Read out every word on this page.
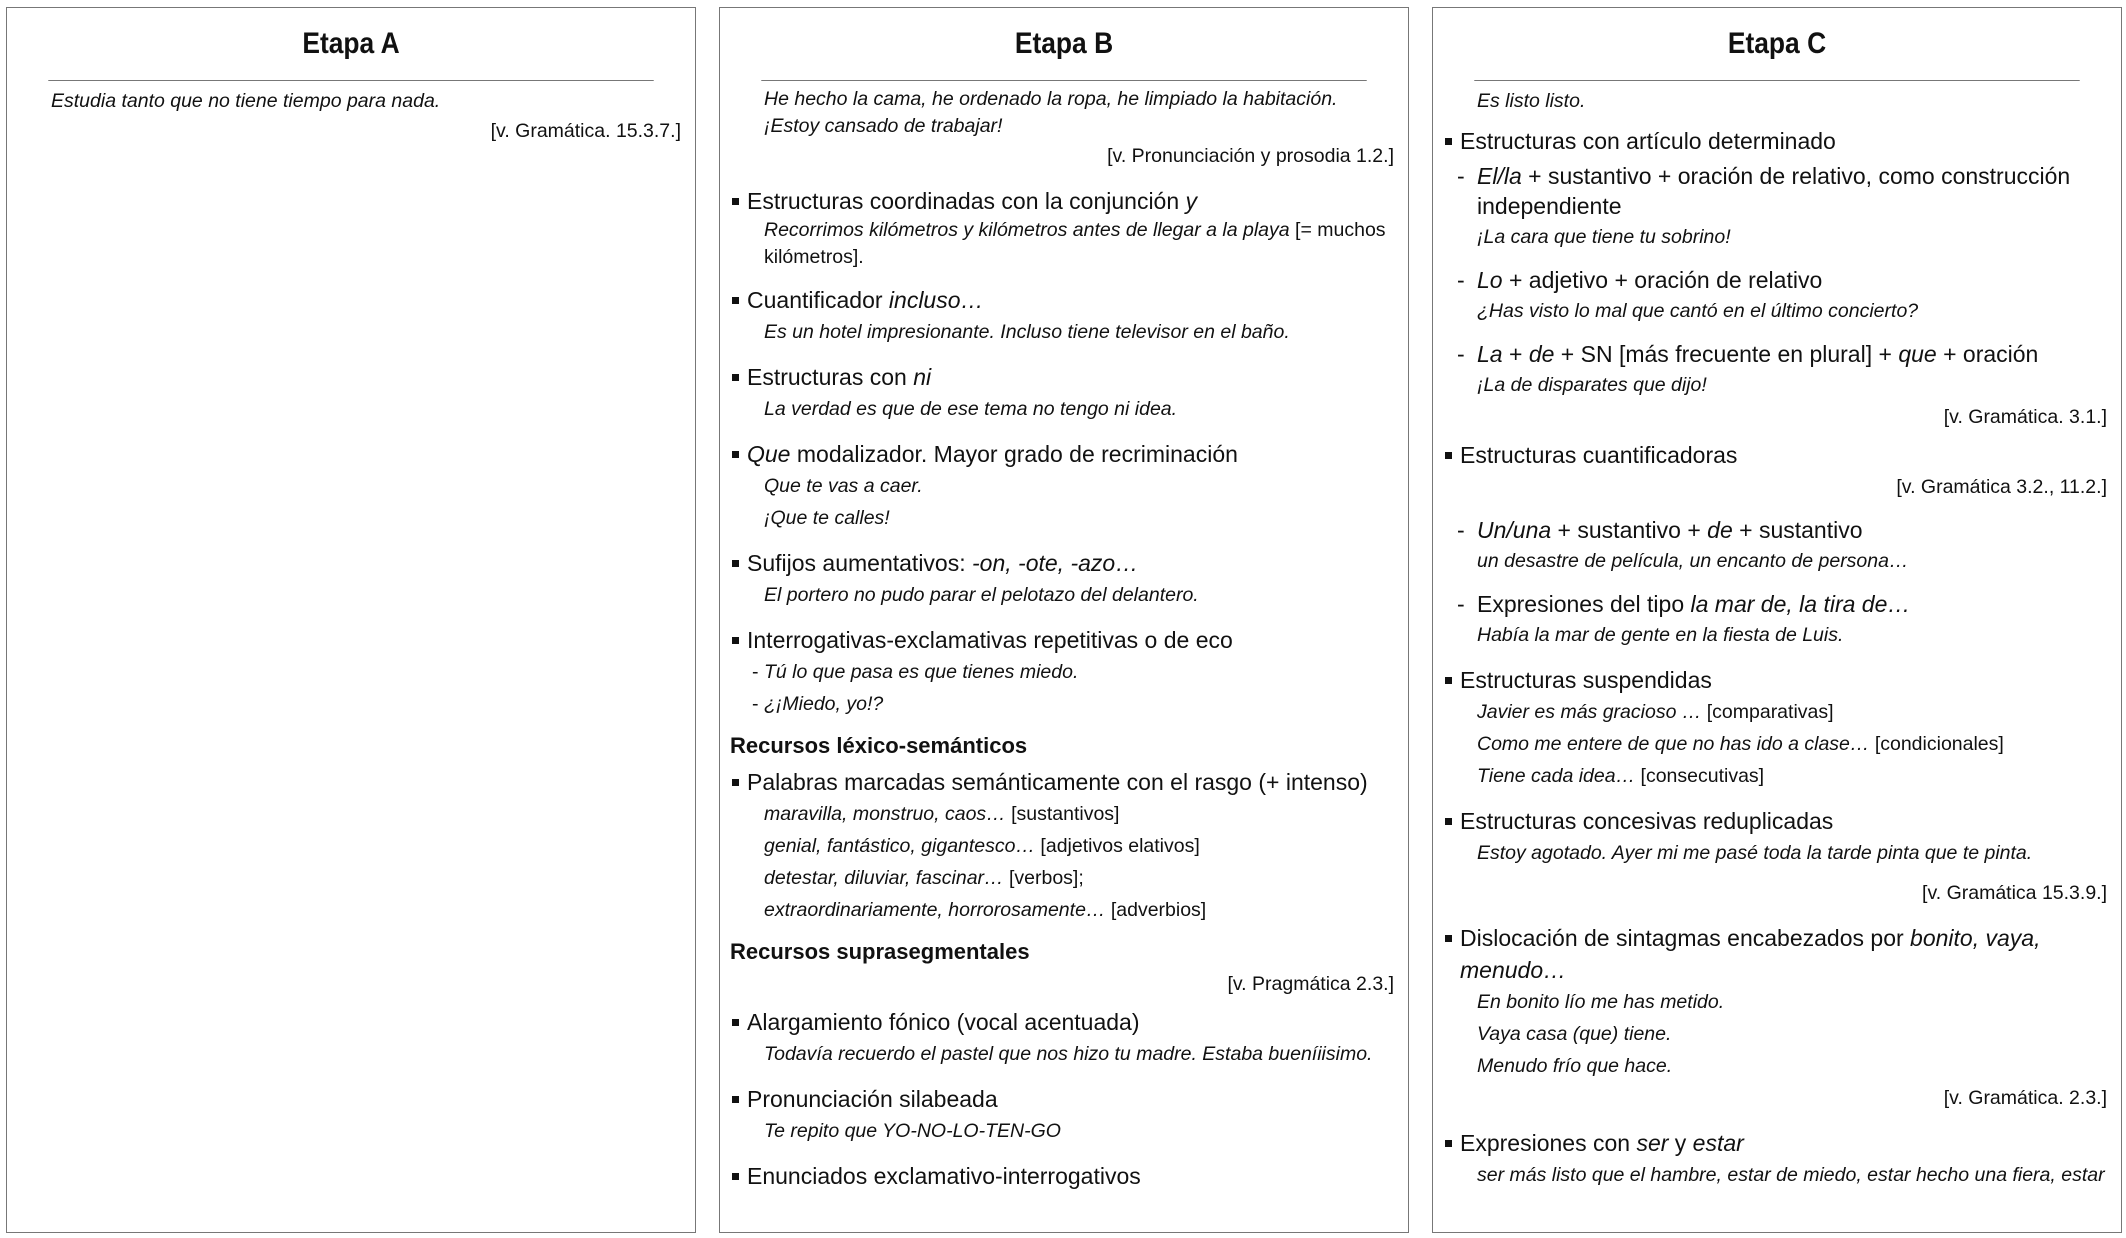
Etapa A
Estudia tanto que no tiene tiempo para nada.
[v. Gramática. 15.3.7.]
Etapa B
He hecho la cama, he ordenado la ropa, he limpiado la habitación. ¡Estoy cansado de trabajar!
[v. Pronunciación y prosodia 1.2.]
Estructuras coordinadas con la conjunción y
Recorrimos kilómetros y kilómetros antes de llegar a la playa [= muchos kilómetros].
Cuantificador incluso…
Es un hotel impresionante. Incluso tiene televisor en el baño.
Estructuras con ni
La verdad es que de ese tema no tengo ni idea.
Que modalizador. Mayor grado de recriminación
Que te vas a caer.
¡Que te calles!
Sufijos aumentativos: -on, -ote, -azo…
El portero no pudo parar el pelotazo del delantero.
Interrogativas-exclamativas repetitivas o de eco
- Tú lo que pasa es que tienes miedo.
- ¿¡Miedo, yo!?
Recursos léxico-semánticos
Palabras marcadas semánticamente con el rasgo (+ intenso)
maravilla, monstruo, caos… [sustantivos]
genial, fantástico, gigantesco… [adjetivos elativos]
detestar, diluviar, fascinar… [verbos];
extraordinariamente, horrorosamente… [adverbios]
Recursos suprasegmentales
[v. Pragmática 2.3.]
Alargamiento fónico (vocal acentuada)
Todavía recuerdo el pastel que nos hizo tu madre. Estaba bueníiisimo.
Pronunciación silabeada
Te repito que YO-NO-LO-TEN-GO
Enunciados exclamativo-interrogativos
Etapa C
Es listo listo.
Estructuras con artículo determinado
- El/la + sustantivo + oración de relativo, como construcción independiente
¡La cara que tiene tu sobrino!
- Lo + adjetivo + oración de relativo
¿Has visto lo mal que cantó en el último concierto?
- La + de + SN [más frecuente en plural] + que + oración
¡La de disparates que dijo!
[v. Gramática. 3.1.]
Estructuras cuantificadoras
[v. Gramática 3.2., 11.2.]
- Un/una + sustantivo + de + sustantivo
un desastre de película, un encanto de persona…
- Expresiones del tipo la mar de, la tira de…
Había la mar de gente en la fiesta de Luis.
Estructuras suspendidas
Javier es más gracioso … [comparativas]
Como me entere de que no has ido a clase… [condicionales]
Tiene cada idea… [consecutivas]
Estructuras concesivas reduplicadas
Estoy agotado. Ayer mi me pasé toda la tarde pinta que te pinta.
[v. Gramática 15.3.9.]
Dislocación de sintagmas encabezados por bonito, vaya, menudo…
En bonito lío me has metido.
Vaya casa (que) tiene.
Menudo frío que hace.
[v. Gramática. 2.3.]
Expresiones con ser y estar
ser más listo que el hambre, estar de miedo, estar hecho una fiera, estar
